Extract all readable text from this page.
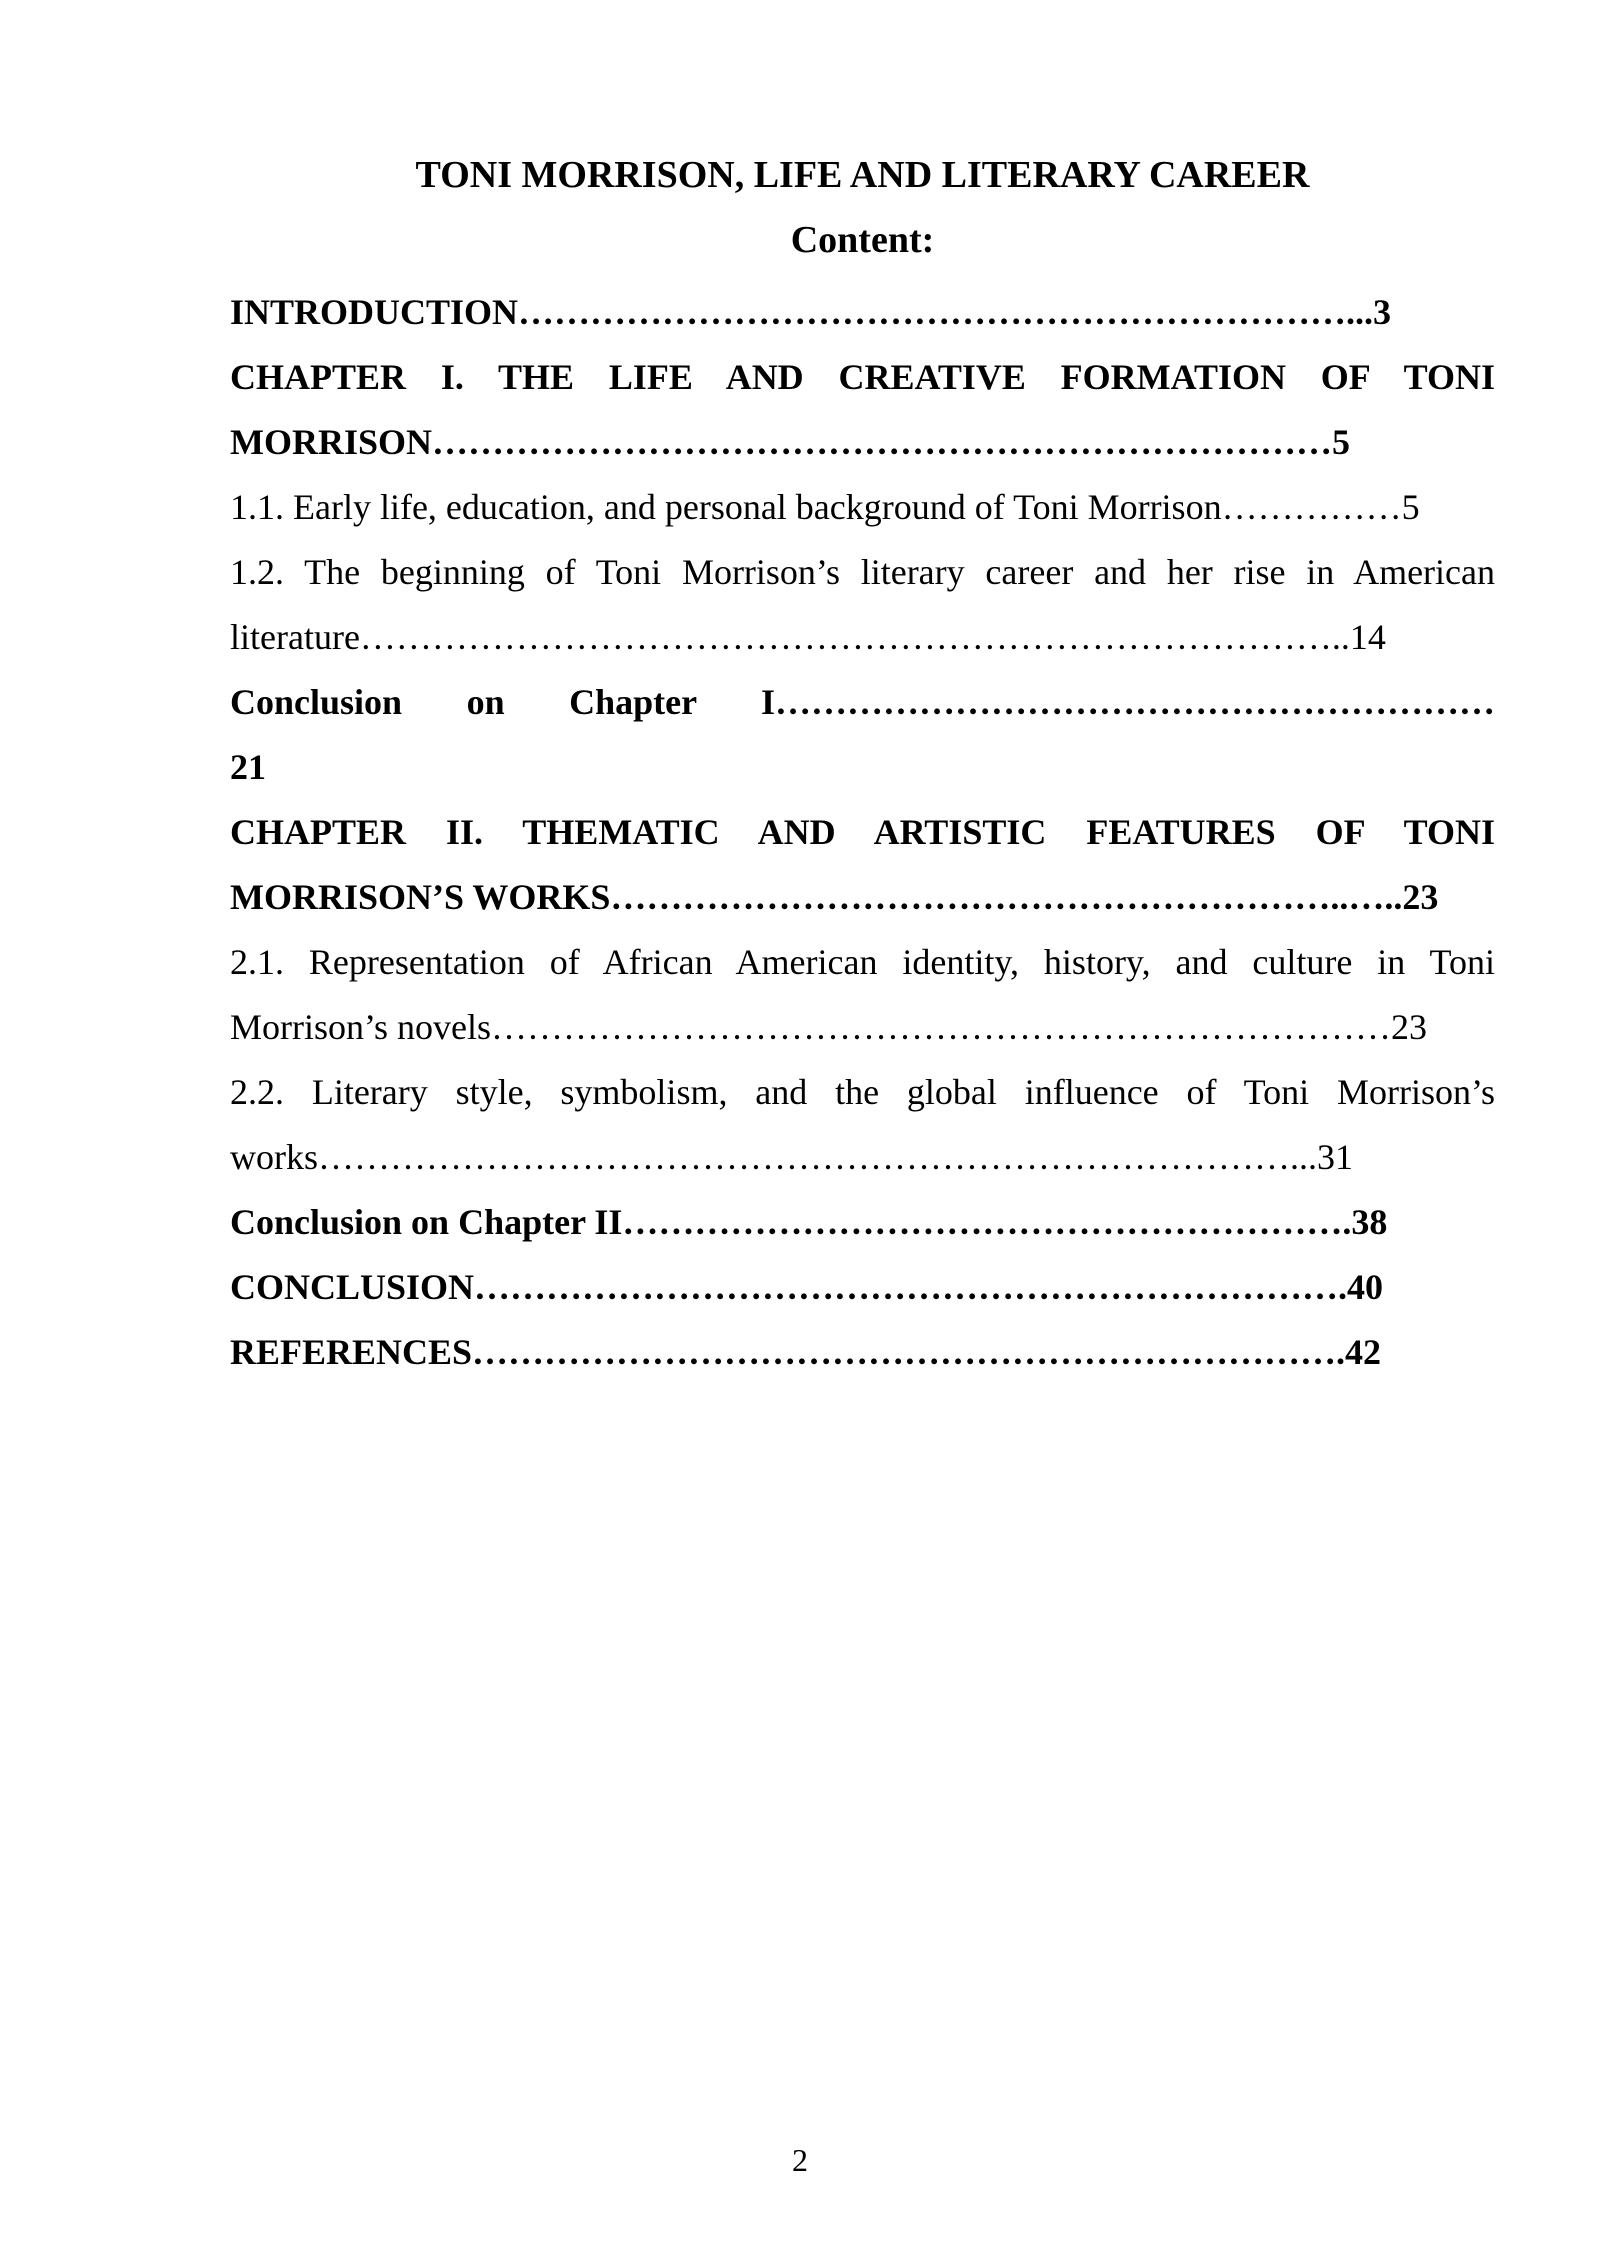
TONI MORRISON, LIFE AND LITERARY CAREER
Content:
INTRODUCTION……………………………………………………………...3
CHAPTER I. THE LIFE AND CREATIVE FORMATION OF TONI
MORRISON…………………………………………………………………5
1.1. Early life, education, and personal background of Toni Morrison……………5
1.2. The beginning of Toni Morrison’s literary career and her rise in American
literature………………………………………………………………………..14
Conclusion on Chapter I……………………………………………………
21
CHAPTER II. THEMATIC AND ARTISTIC FEATURES OF TONI
MORRISON’S WORKS……………………………………………………..…..23
2.1. Representation of African American identity, history, and culture in Toni
Morrison’s novels…………………………………………………………………23
2.2. Literary style, symbolism, and the global influence of Toni Morrison’s
works………………………………………………………………………...31
Conclusion on Chapter II…………………………………………………….38
CONCLUSION……………………………………………………………….40
REFERENCES……………………………………………………………….42
2
